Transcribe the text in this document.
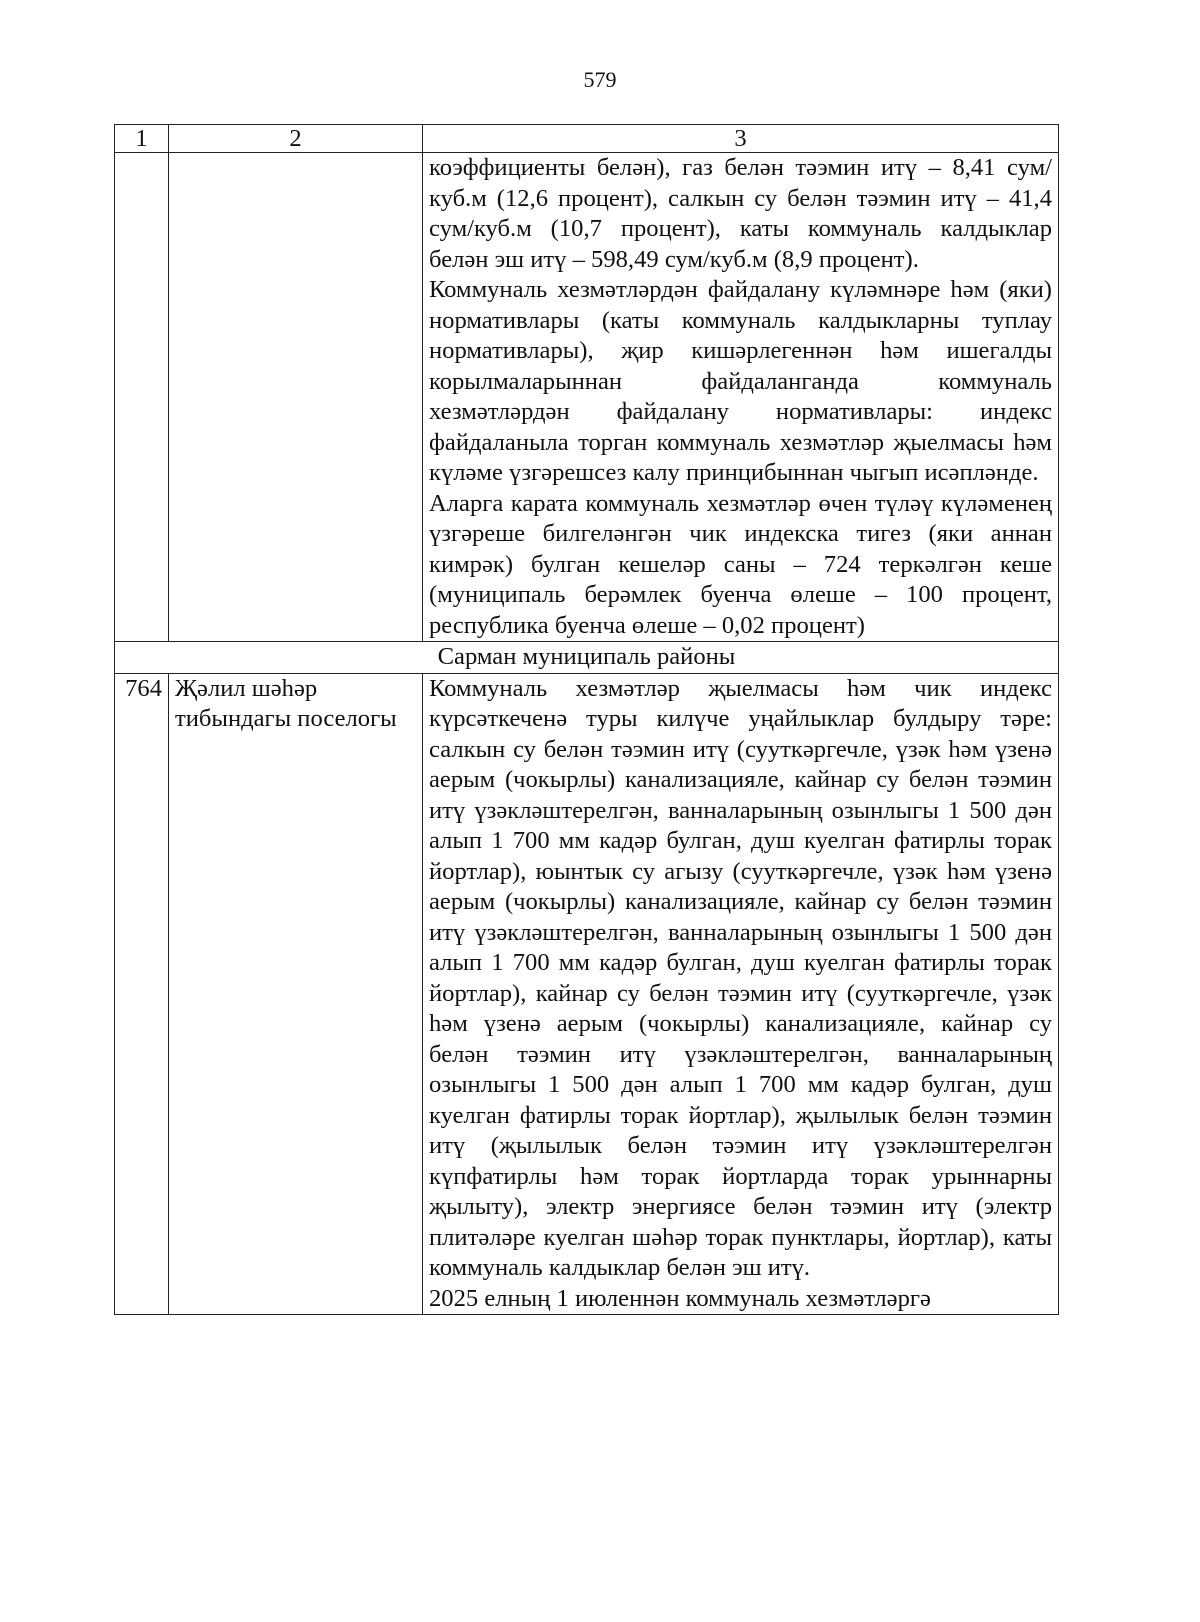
579
1	2	3

		коэффициенты белән), газ белән тәэмин итү – 8,41 сум/куб.м (12,6 процент), салкын су белән тәэмин итү – 41,4 сум/куб.м (10,7 процент), каты коммуналь калдыклар белән эш итү – 598,49 сум/куб.м (8,9 процент).

Коммуналь хезмәтләрдән файдалану күләмнәре һәм (яки) нормативлары (каты коммуналь калдыкларны туплау нормативлары), җир кишәрлегеннән һәм ишегалды корылмаларыннан файдаланганда коммуналь хезмәтләрдән файдалану нормативлары: индекс файдаланыла торган коммуналь хезмәтләр җыелмасы һәм күләме үзгәрешсез калу принцибыннан чыгып исәпләнде.

Аларга карата коммуналь хезмәтләр өчен түләү күләменең үзгәреше билгеләнгән чик индекска тигез (яки аннан кимрәк) булган кешеләр саны – 724 теркәлгән кеше (муниципаль берәмлек буенча өлеше – 100 процент, республика буенча өлеше – 0,02 процент)

Сарман муниципаль районы		
764	Җәлил шәһәр тибындагы поселогы	Коммуналь хезмәтләр җыелмасы һәм чик индекс күрсәткеченә туры килүче уңайлыклар булдыру тәре: салкын су белән тәэмин итү (сууткәргечле, үзәк һәм үзенә аерым (чокырлы) канализацияле, кайнар су белән тәэмин итү үзәкләштерелгән, ванналарының озынлыгы 1 500 дән алып 1 700 мм кадәр булган, душ куелган фатирлы торак йортлар), юынтык су агызу (сууткәргечле, үзәк һәм үзенә аерым (чокырлы) канализацияле, кайнар су белән тәэмин итү үзәкләштерелгән, ванналарының озынлыгы 1 500 дән алып 1 700 мм кадәр булган, душ куелган фатирлы торак йортлар), кайнар су белән тәэмин итү (сууткәргечле, үзәк һәм үзенә аерым (чокырлы) канализацияле, кайнар су белән тәэмин итү үзәкләштерелгән, ванналарының озынлыгы 1 500 дән алып 1 700 мм кадәр булган, душ куелган фатирлы торак йортлар), җылылык белән тәэмин итү (җылылык белән тәэмин итү үзәкләштерелгән күпфатирлы һәм торак йортларда торак урыннарны җылыту), электр энергиясе белән тәэмин итү (электр плитәләре куелган шәһәр торак пунктлары, йортлар), каты коммуналь калдыклар белән эш итү.

2025 елның 1 июленнән коммуналь хезмәтләргә
